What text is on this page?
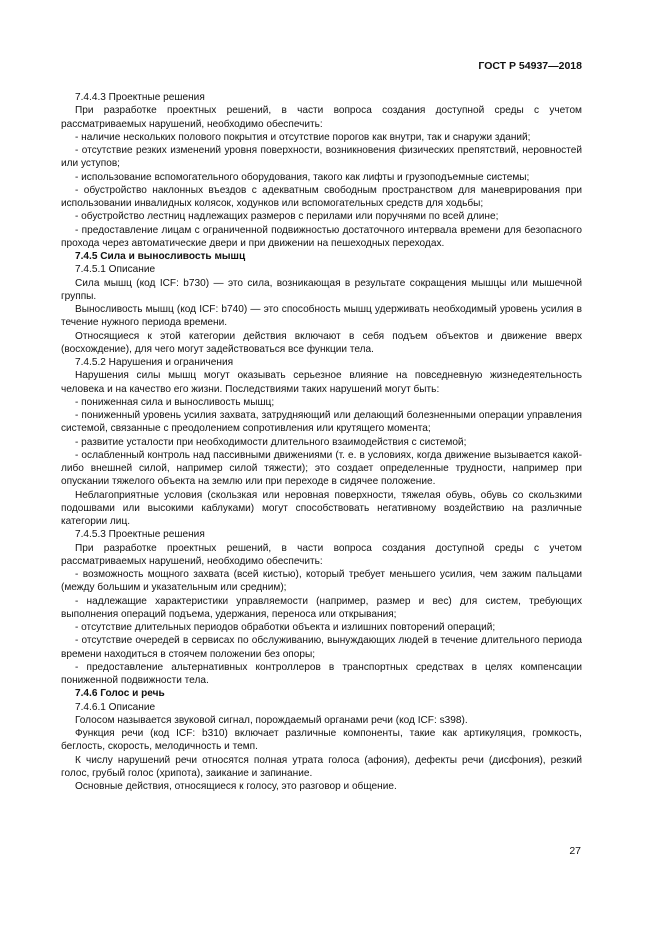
ГОСТ Р 54937—2018

7.4.4.3 Проектные решения

При разработке проектных решений, в части вопроса создания доступной среды с учетом рассматриваемых нарушений, необходимо обеспечить:

- наличие нескольких полового покрытия и отсутствие порогов как внутри, так и снаружи зданий;

- отсутствие резких изменений уровня поверхности, возникновения физических препятствий, неровностей или уступов;

- использование вспомогательного оборудования, такого как лифты и грузоподъемные системы;

- обустройство наклонных въездов с адекватным свободным пространством для маневрирования при использовании инвалидных колясок, ходунков или вспомогательных средств для ходьбы;

- обустройство лестниц надлежащих размеров с перилами или поручнями по всей длине;

- предоставление лицам с ограниченной подвижностью достаточного интервала времени для безопасного прохода через автоматические двери и при движении на пешеходных переходах.

7.4.5 Сила и выносливость мышц

7.4.5.1 Описание

Сила мышц (код ICF: b730) — это сила, возникающая в результате сокращения мышцы или мышечной группы.

Выносливость мышц (код ICF: b740) — это способность мышц удерживать необходимый уровень усилия в течение нужного периода времени.

Относящиеся к этой категории действия включают в себя подъем объектов и движение вверх (восхождение), для чего могут задействоваться все функции тела.

7.4.5.2 Нарушения и ограничения

Нарушения силы мышц могут оказывать серьезное влияние на повседневную жизнедеятельность человека и на качество его жизни. Последствиями таких нарушений могут быть:

- пониженная сила и выносливость мышц;

- пониженный уровень усилия захвата, затрудняющий или делающий болезненными операции управления системой, связанные с преодолением сопротивления или крутящего момента;

- развитие усталости при необходимости длительного взаимодействия с системой;

- ослабленный контроль над пассивными движениями (т. е. в условиях, когда движение вызывается какой-либо внешней силой, например силой тяжести); это создает определенные трудности, например при опускании тяжелого объекта на землю или при переходе в сидячее положение.

Неблагоприятные условия (скользкая или неровная поверхности, тяжелая обувь, обувь со скользкими подошвами или высокими каблуками) могут способствовать негативному воздействию на различные категории лиц.

7.4.5.3 Проектные решения

При разработке проектных решений, в части вопроса создания доступной среды с учетом рассматриваемых нарушений, необходимо обеспечить:

- возможность мощного захвата (всей кистью), который требует меньшего усилия, чем зажим пальцами (между большим и указательным или средним);

- надлежащие характеристики управляемости (например, размер и вес) для систем, требующих выполнения операций подъема, удержания, переноса или открывания;

- отсутствие длительных периодов обработки объекта и излишних повторений операций;

- отсутствие очередей в сервисах по обслуживанию, вынуждающих людей в течение длительного периода времени находиться в стоячем положении без опоры;

- предоставление альтернативных контроллеров в транспортных средствах в целях компенсации пониженной подвижности тела.

7.4.6 Голос и речь

7.4.6.1 Описание

Голосом называется звуковой сигнал, порождаемый органами речи (код ICF: s398).

Функция речи (код ICF: b310) включает различные компоненты, такие как артикуляция, громкость, беглость, скорость, мелодичность и темп.

К числу нарушений речи относятся полная утрата голоса (афония), дефекты речи (дисфония), резкий голос, грубый голос (хрипота), заикание и запинание.

Основные действия, относящиеся к голосу, это разговор и общение.

27
